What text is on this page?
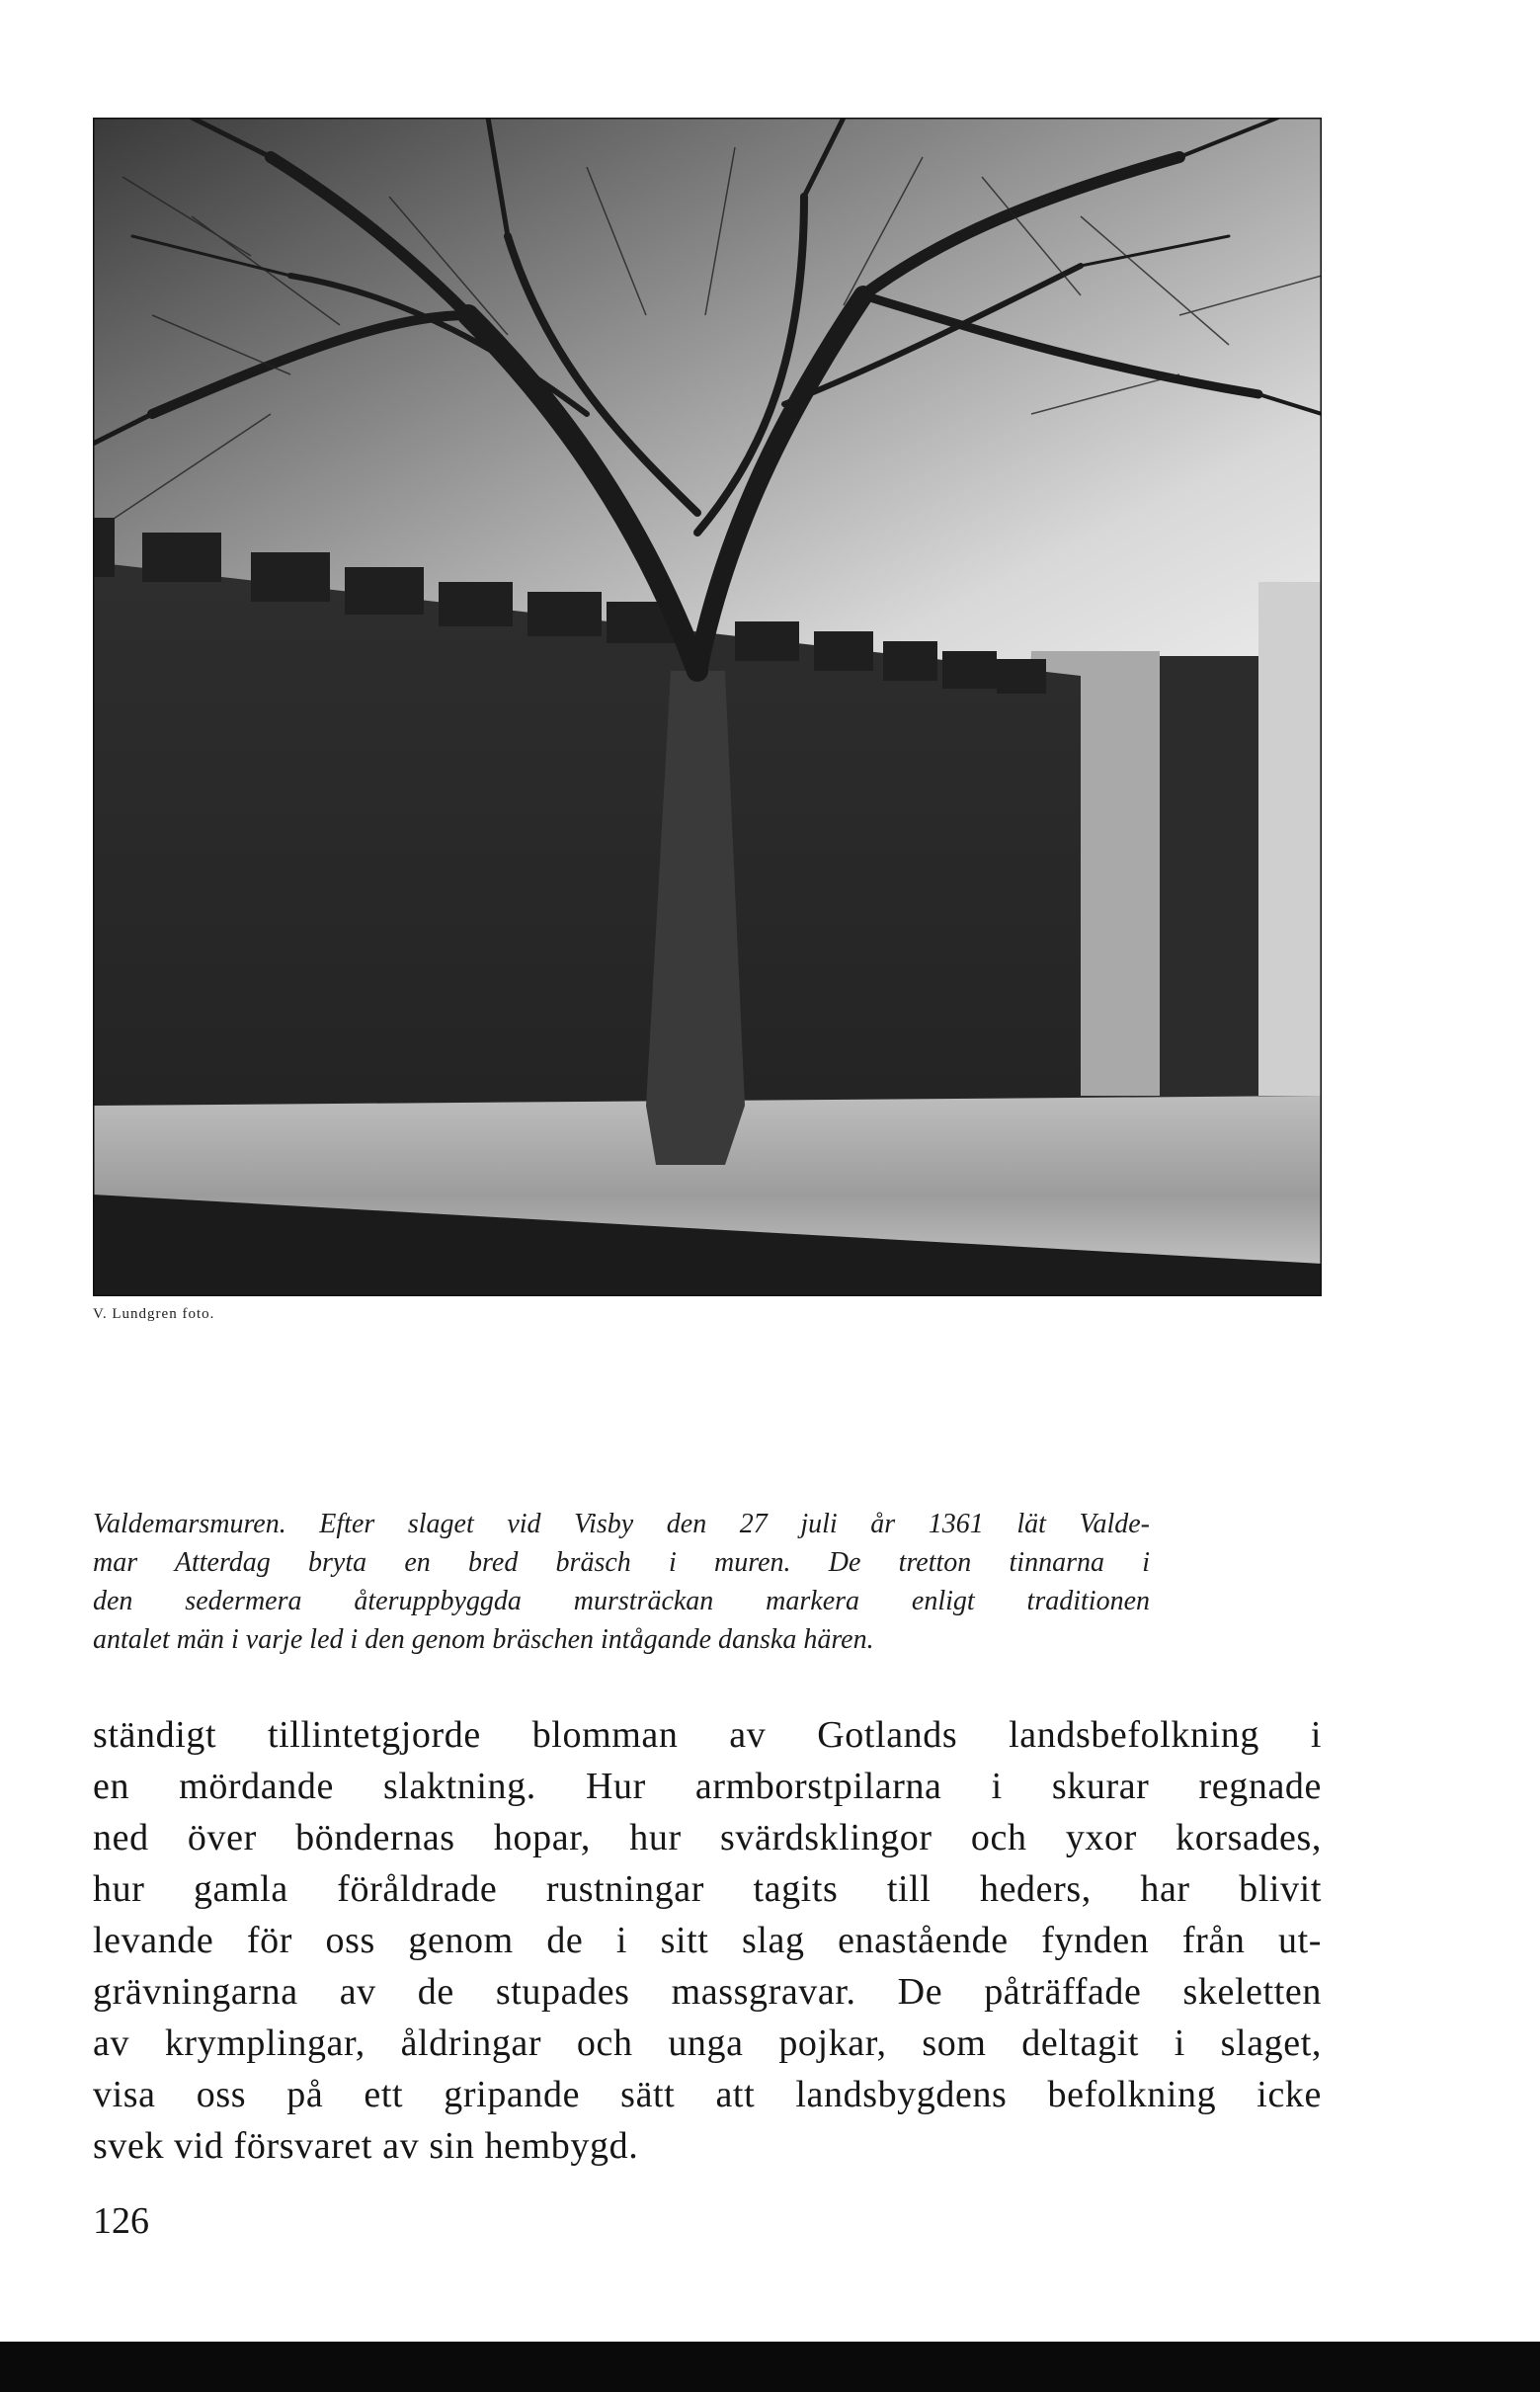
V. Lundgren foto.
Valdemarsmuren. Efter slaget vid Visby den 27 juli år 1361 lät Valde-
mar Atterdag bryta en bred bräsch i muren. De tretton tinnarna i
den sedermera återuppbyggda mursträckan markera enligt traditionen
antalet män i varje led i den genom bräschen intågande danska hären.
ständigt tillintetgjorde blomman av Gotlands landsbefolkning i
en mördande slaktning. Hur armborstpilarna i skurar regnade
ned över böndernas hopar, hur svärdsklingor och yxor korsades,
hur gamla föråldrade rustningar tagits till heders, har blivit
levande för oss genom de i sitt slag enastående fynden från ut-
grävningarna av de stupades massgravar. De påträffade skeletten
av krymplingar, åldringar och unga pojkar, som deltagit i slaget,
visa oss på ett gripande sätt att landsbygdens befolkning icke
svek vid försvaret av sin hembygd.
126
